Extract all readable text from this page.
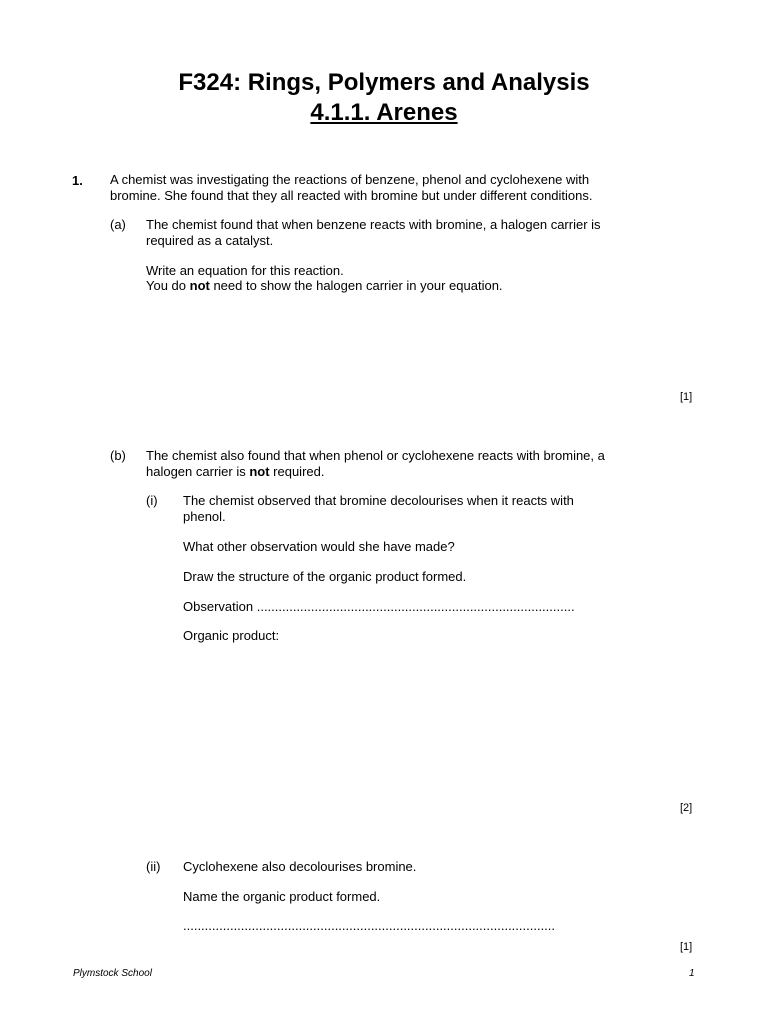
F324: Rings, Polymers and Analysis
4.1.1. Arenes
1. A chemist was investigating the reactions of benzene, phenol and cyclohexene with
bromine. She found that they all reacted with bromine but under different conditions.
(a) The chemist found that when benzene reacts with bromine, a halogen carrier is
required as a catalyst.
Write an equation for this reaction.
You do not need to show the halogen carrier in your equation.
[1]
(b) The chemist also found that when phenol or cyclohexene reacts with bromine, a
halogen carrier is not required.
(i) The chemist observed that bromine decolourises when it reacts with
phenol.
What other observation would she have made?
Draw the structure of the organic product formed.
Observation ........................................................................................
Organic product:
[2]
(ii) Cyclohexene also decolourises bromine.
Name the organic product formed.
.......................................................................................................
[1]
Plymstock School	1
